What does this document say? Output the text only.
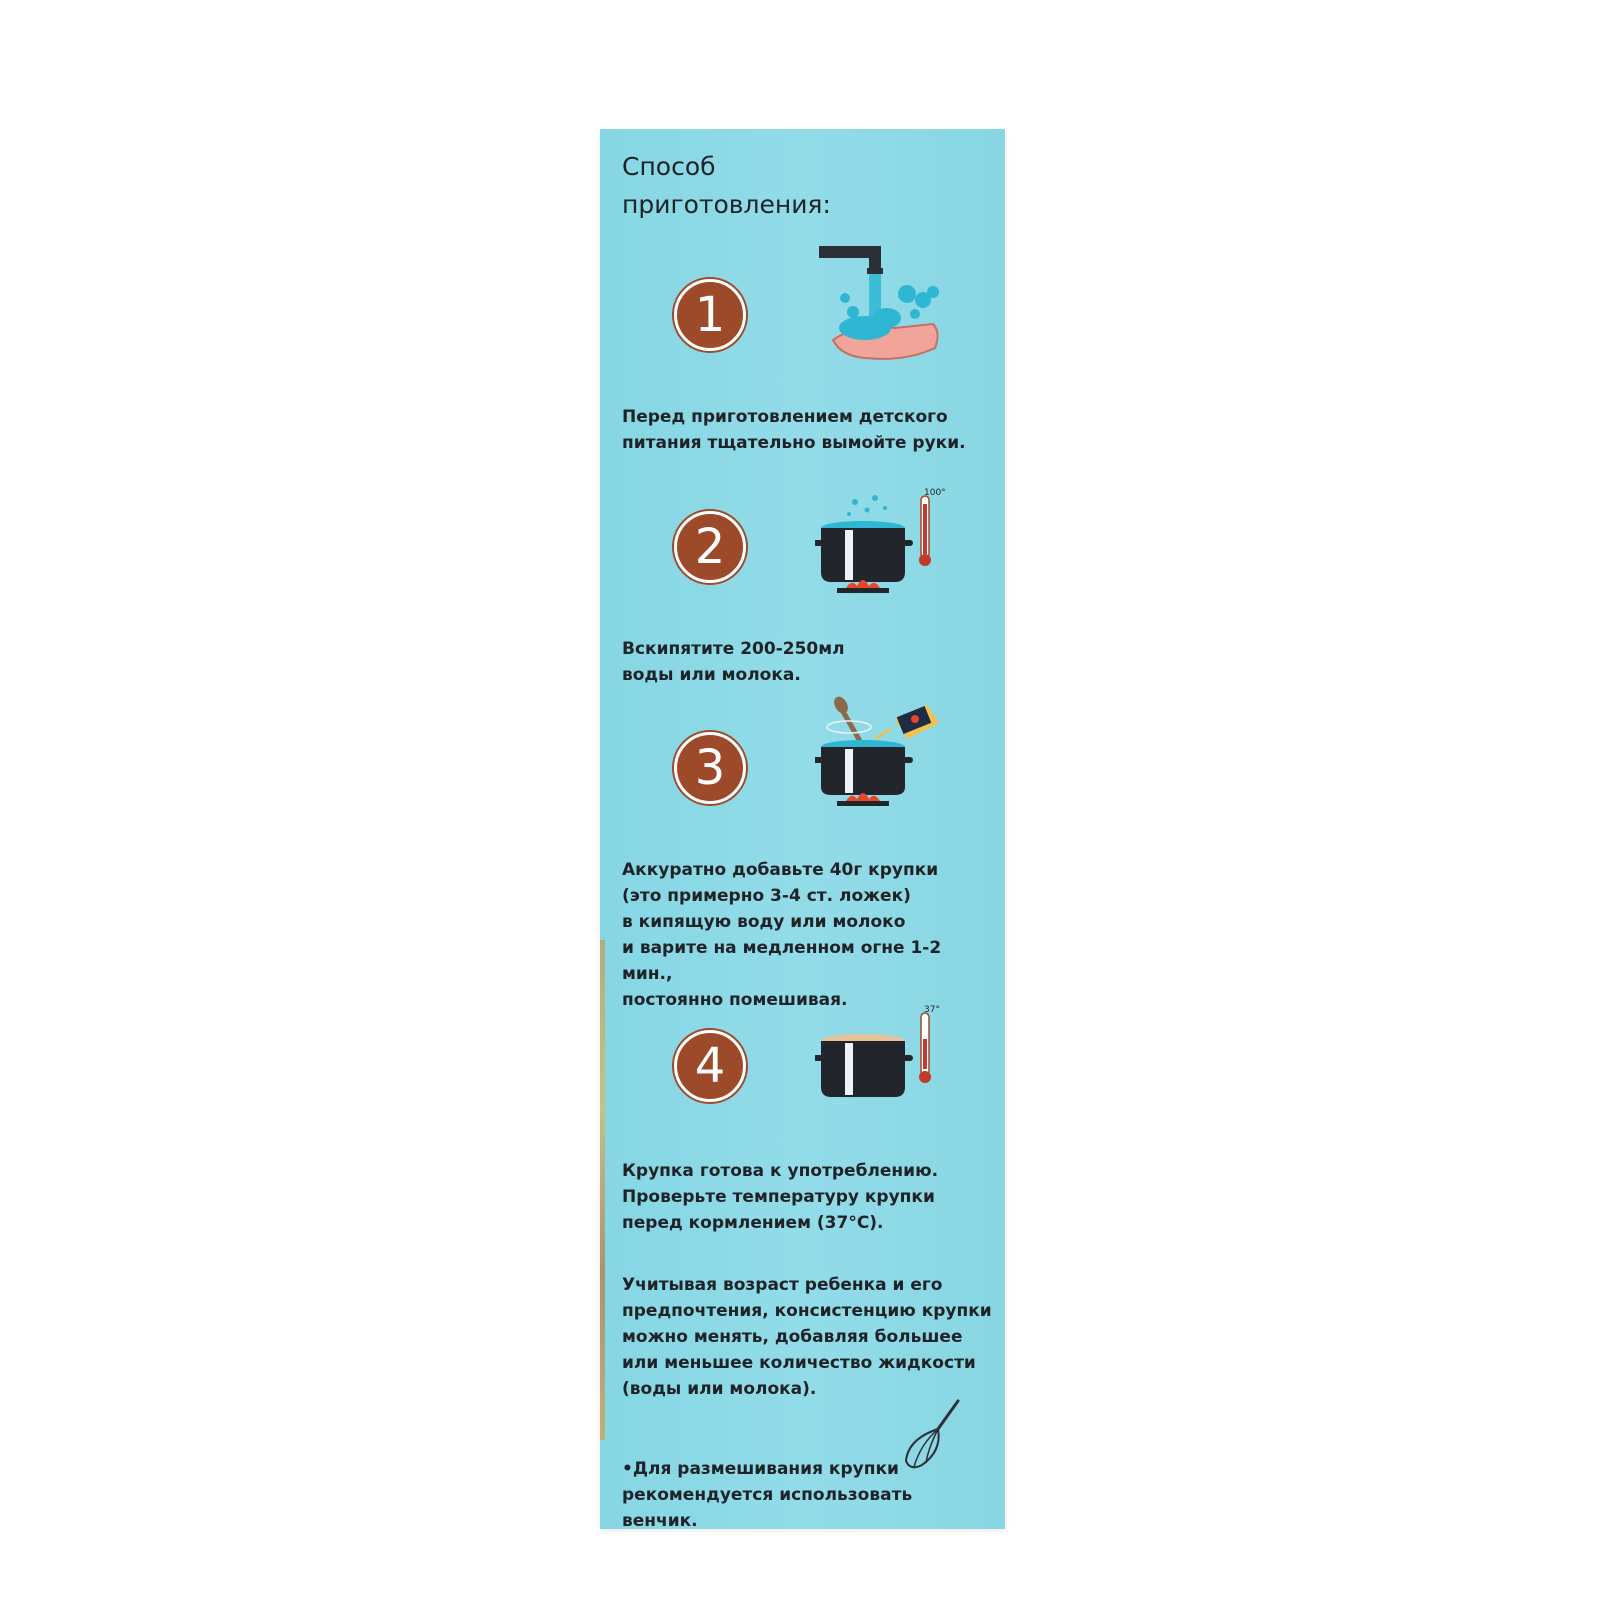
Способ
приготовления:
1
Перед приготовлением детского
питания тщательно вымойте руки.
2
100°
Вскипятите 200-250мл
воды или молока.
3
Аккуратно добавьте 40г крупки
(это примерно 3-4 ст. ложек)
в кипящую воду или молоко
и варите на медленном огне 1-2 мин.,
постоянно помешивая.
4
37°
Крупка готова к употреблению.
Проверьте температуру крупки
перед кормлением (37°С).
Учитывая возраст ребенка и его
предпочтения, консистенцию крупки
можно менять, добавляя большее
или меньшее количество жидкости
(воды или молока).
•Для размешивания крупки
рекомендуется использовать венчик.
